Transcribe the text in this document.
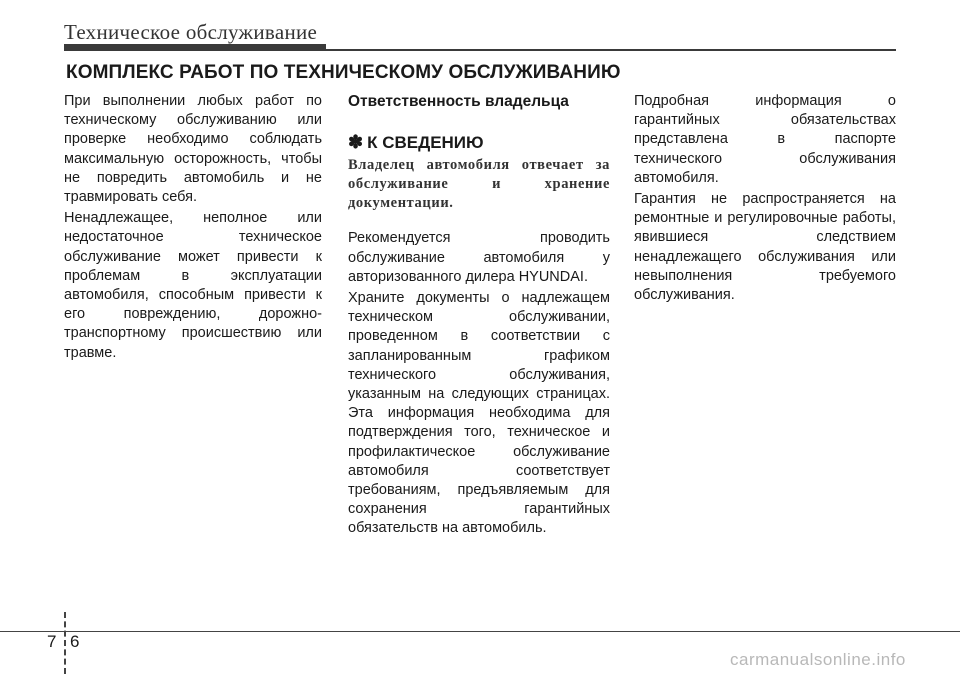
Техническое обслуживание
КОМПЛЕКС РАБОТ ПО ТЕХНИЧЕСКОМУ ОБСЛУЖИВАНИЮ

При выполнении любых работ по техническому обслуживанию или проверке необходимо соблюдать максимальную осторожность, чтобы не повредить автомобиль и не травмировать себя.

Ненадлежащее, неполное или недостаточное техническое обслуживание может привести к проблемам в эксплуатации автомобиля, способным привести к его повреждению, дорожно-транспортному происшествию или травме.

Ответственность владельца

✽ К СВЕДЕНИЮ

Владелец автомобиля отвечает за обслуживание и хранение документации.

Рекомендуется проводить обслуживание автомобиля у авторизованного дилера HYUNDAI.

Храните документы о надлежащем техническом обслуживании, проведенном в соответствии с запланированным графиком технического обслуживания, указанным на следующих страницах. Эта информация необходима для подтверждения того, техническое и профилактическое обслуживание автомобиля соответствует требованиям, предъявляемым для сохранения гарантийных обязательств на автомобиль.

Подробная информация о гарантийных обязательствах представлена в паспорте технического обслуживания автомобиля.

Гарантия не распространяется на ремонтные и регулировочные работы, явившиеся следствием ненадлежащего обслуживания или невыполнения требуемого обслуживания.

7 6
carmanualsonline.info
